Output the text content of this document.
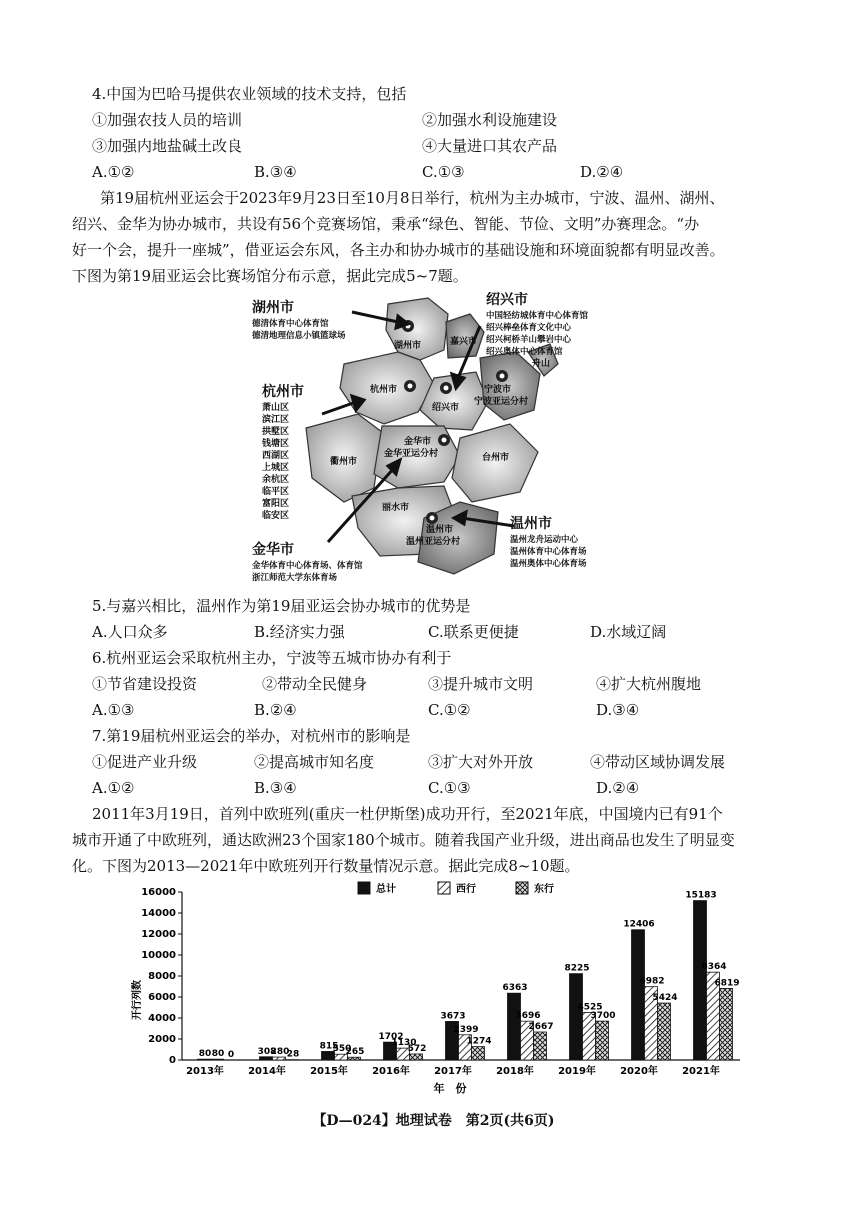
4.中国为巴哈马提供农业领域的技术支持，包括
①加强农技人员的培训	②加强水利设施建设
③加强内地盐碱土改良	④大量进口其农产品
A.①②	B.③④	C.①③	D.②④
第19届杭州亚运会于2023年9月23日至10月8日举行，杭州为主办城市，宁波、温州、湖州、
绍兴、金华为协办城市，共设有56个竞赛场馆，秉承“绿色、智能、节俭、文明”办赛理念。“办
好一个会，提升一座城”，借亚运会东风，各主办和协办城市的基础设施和环境面貌都有明显改善。
下图为第19届亚运会比赛场馆分布示意，据此完成5~7题。
湖州市	嘉兴市
杭州市
绍兴市
宁波市
宁波亚运分村
舟山
衢州市
金华市
金华亚运分村	台州市
丽水市
温州市
温州亚运分村
湖州市
德清体育中心体育馆
德清地理信息小镇篮球场
绍兴市
中国轻纺城体育中心体育馆
绍兴棒垒体育文化中心
绍兴柯桥羊山攀岩中心
绍兴奥体中心体育馆
杭州市
萧山区
滨江区
拱墅区
钱塘区
西湖区
上城区
余杭区
临平区
富阳区
临安区
金华市
金华体育中心体育场、体育馆
浙江师范大学东体育场
温州市
温州龙舟运动中心
温州体育中心体育场
温州奥体中心体育场
5.与嘉兴相比，温州作为第19届亚运会协办城市的优势是
A.人口众多	B.经济实力强	C.联系更便捷	D.水域辽阔
6.杭州亚运会采取杭州主办，宁波等五城市协办有利于
①节省建设投资	②带动全民健身	③提升城市文明	④扩大杭州腹地
A.①③	B.②④	C.①②	D.③④
7.第19届杭州亚运会的举办，对杭州市的影响是
①促进产业升级	②提高城市知名度	③扩大对外开放	④带动区域协调发展
A.①②	B.③④	C.①③	D.②④
2011年3月19日，首列中欧班列(重庆一杜伊斯堡)成功开行，至2021年底，中国境内已有91个
城市开通了中欧班列，通达欧洲23个国家180个城市。随着我国产业升级，进出商品也发生了明显变
化。下图为2013—2021年中欧班列开行数量情况示意。据此完成8~10题。
0
2000
4000
6000
8000
10000
12000
14000
16000
2013年
80 80 0
2014年
308
280
28
2015年
815
550
265
2016年
1702
1130
572
2017年
3673
2399
1274
2018年
6363
3696
2667
2019年
8225
4525
3700
2020年
12406
6982
5424
2021年
15183
8364
6819
总计	西行	东行
开行列数
年　份
【D—024】地理试卷　第2页(共6页)
